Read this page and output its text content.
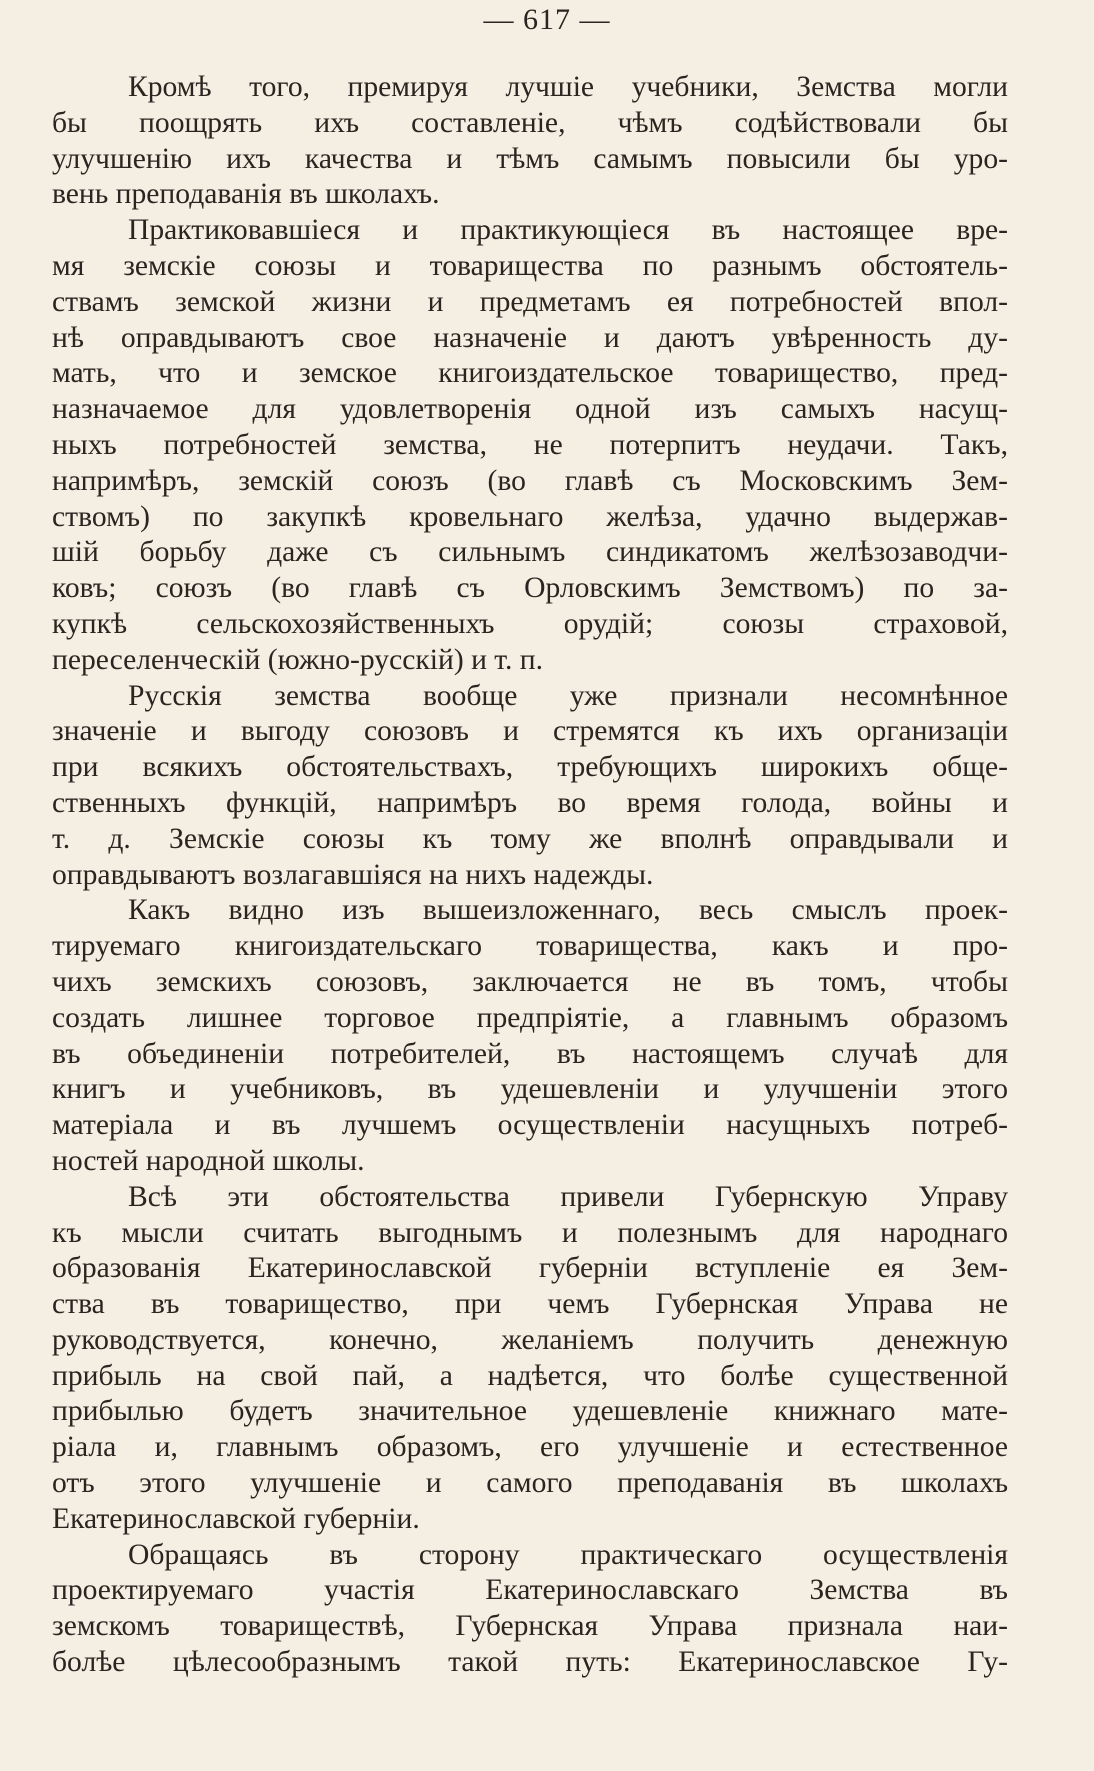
— 617 —
Кромѣ того, премируя лучшіе учебники, Земства могли
бы поощрять ихъ составленіе, чѣмъ содѣйствовали бы
улучшенію ихъ качества и тѣмъ самымъ повысили бы уро-
вень преподаванія въ школахъ.
Практиковавшіеся и практикующіеся въ настоящее вре-
мя земскіе союзы и товарищества по разнымъ обстоятель-
ствамъ земской жизни и предметамъ ея потребностей впол-
нѣ оправдываютъ свое назначеніе и даютъ увѣренность ду-
мать, что и земское книгоиздательское товарищество, пред-
назначаемое для удовлетворенія одной изъ самыхъ насущ-
ныхъ потребностей земства, не потерпитъ неудачи. Такъ,
напримѣръ, земскій союзъ (во главѣ съ Московскимъ Зем-
ствомъ) по закупкѣ кровельнаго желѣза, удачно выдержав-
шій борьбу даже съ сильнымъ синдикатомъ желѣзозаводчи-
ковъ; союзъ (во главѣ съ Орловскимъ Земствомъ) по за-
купкѣ сельскохозяйственныхъ орудій; союзы страховой,
переселенческій (южно-русскій) и т. п.
Русскія земства вообще уже признали несомнѣнное
значеніе и выгоду союзовъ и стремятся къ ихъ организаціи
при всякихъ обстоятельствахъ, требующихъ широкихъ обще-
ственныхъ функцій, напримѣръ во время голода, войны и
т. д. Земскіе союзы къ тому же вполнѣ оправдывали и
оправдываютъ возлагавшіяся на нихъ надежды.
Какъ видно изъ вышеизложеннаго, весь смыслъ проек-
тируемаго книгоиздательскаго товарищества, какъ и про-
чихъ земскихъ союзовъ, заключается не въ томъ, чтобы
создать лишнее торговое предпріятіе, а главнымъ образомъ
въ объединеніи потребителей, въ настоящемъ случаѣ для
книгъ и учебниковъ, въ удешевленіи и улучшеніи этого
матеріала и въ лучшемъ осуществленіи насущныхъ потреб-
ностей народной школы.
Всѣ эти обстоятельства привели Губернскую Управу
къ мысли считать выгоднымъ и полезнымъ для народнаго
образованія Екатеринославской губерніи вступленіе ея Зем-
ства въ товарищество, при чемъ Губернская Управа не
руководствуется, конечно, желаніемъ получить денежную
прибыль на свой пай, а надѣется, что болѣе существенной
прибылью будетъ значительное удешевленіе книжнаго мате-
ріала и, главнымъ образомъ, его улучшеніе и естественное
отъ этого улучшеніе и самого преподаванія въ школахъ
Екатеринославской губерніи.
Обращаясь въ сторону практическаго осуществленія
проектируемаго участія Екатеринославскаго Земства въ
земскомъ товариществѣ, Губернская Управа признала наи-
болѣе цѣлесообразнымъ такой путь: Екатеринославское Гу-
